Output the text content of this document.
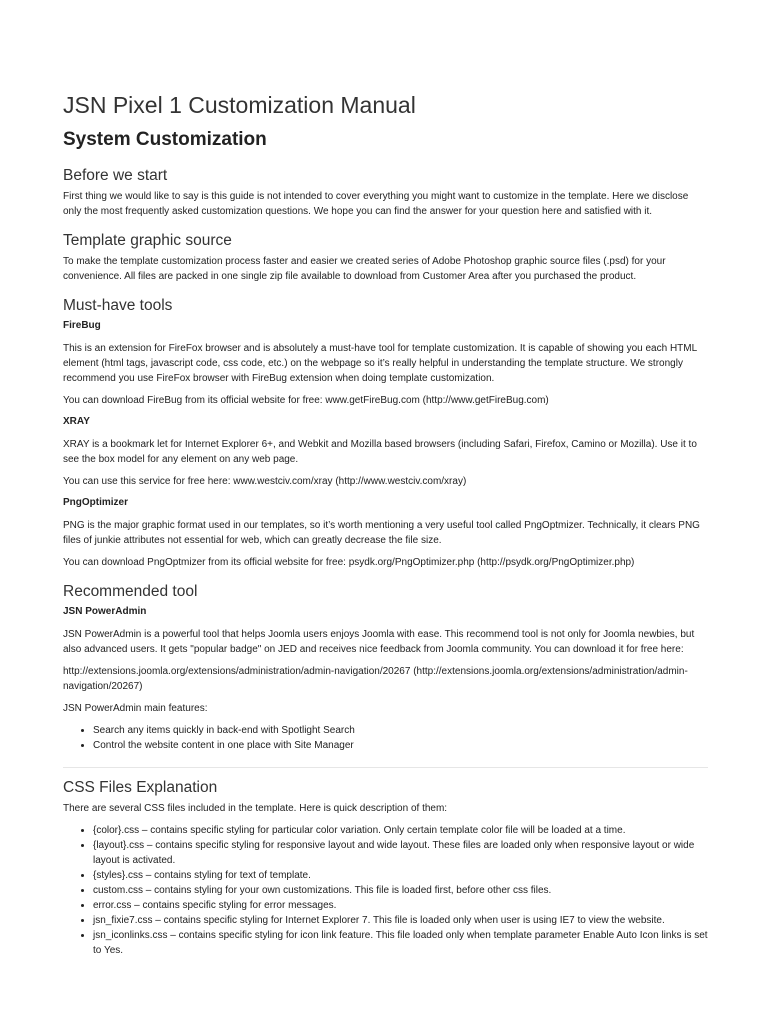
JSN Pixel 1 Customization Manual
System Customization
Before we start

First thing we would like to say is this guide is not intended to cover everything you might want to customize in the template. Here we disclose only the most frequently asked customization questions. We hope you can find the answer for your question here and satisfied with it.

Template graphic source

To make the template customization process faster and easier we created series of Adobe Photoshop graphic source files (.psd) for your convenience. All files are packed in one single zip file available to download from Customer Area after you purchased the product.

Must-have tools
FireBug

This is an extension for FireFox browser and is absolutely a must-have tool for template customization. It is capable of showing you each HTML element (html tags, javascript code, css code, etc.) on the webpage so it’s really helpful in understanding the template structure. We strongly recommend you use FireFox browser with FireBug extension when doing template customization.

You can download FireBug from its official website for free: www.getFireBug.com (http://www.getFireBug.com)

XRAY

XRAY is a bookmark let for Internet Explorer 6+, and Webkit and Mozilla based browsers (including Safari, Firefox, Camino or Mozilla). Use it to see the box model for any element on any web page.

You can use this service for free here: www.westciv.com/xray (http://www.westciv.com/xray)

PngOptimizer

PNG is the major graphic format used in our templates, so it’s worth mentioning a very useful tool called PngOptmizer. Technically, it clears PNG files of junkie attributes not essential for web, which can greatly decrease the file size.

You can download PngOptmizer from its official website for free: psydk.org/PngOptimizer.php (http://psydk.org/PngOptimizer.php)

Recommended tool
JSN PowerAdmin

JSN PowerAdmin is a powerful tool that helps Joomla users enjoys Joomla with ease. This recommend tool is not only for Joomla newbies, but also advanced users. It gets "popular badge" on JED and receives nice feedback from Joomla community. You can download it for free here:

http://extensions.joomla.org/extensions/administration/admin-navigation/20267 (http://extensions.joomla.org/extensions/administration/admin-navigation/20267)

JSN PowerAdmin main features:

• Search any items quickly in back-end with Spotlight Search
• Control the website content in one place with Site Manager
CSS Files Explanation

There are several CSS files included in the template. Here is quick description of them:

• {color}.css – contains specific styling for particular color variation. Only certain template color file will be loaded at a time.
• {layout}.css – contains specific styling for responsive layout and wide layout. These files are loaded only when responsive layout or wide layout is activated.
• {styles}.css – contains styling for text of template.
• custom.css – contains styling for your own customizations. This file is loaded first, before other css files.
• error.css – contains specific styling for error messages.
• jsn_fixie7.css – contains specific styling for Internet Explorer 7. This file is loaded only when user is using IE7 to view the website.
• jsn_iconlinks.css – contains specific styling for icon link feature. This file loaded only when template parameter Enable Auto Icon links is set to Yes.
